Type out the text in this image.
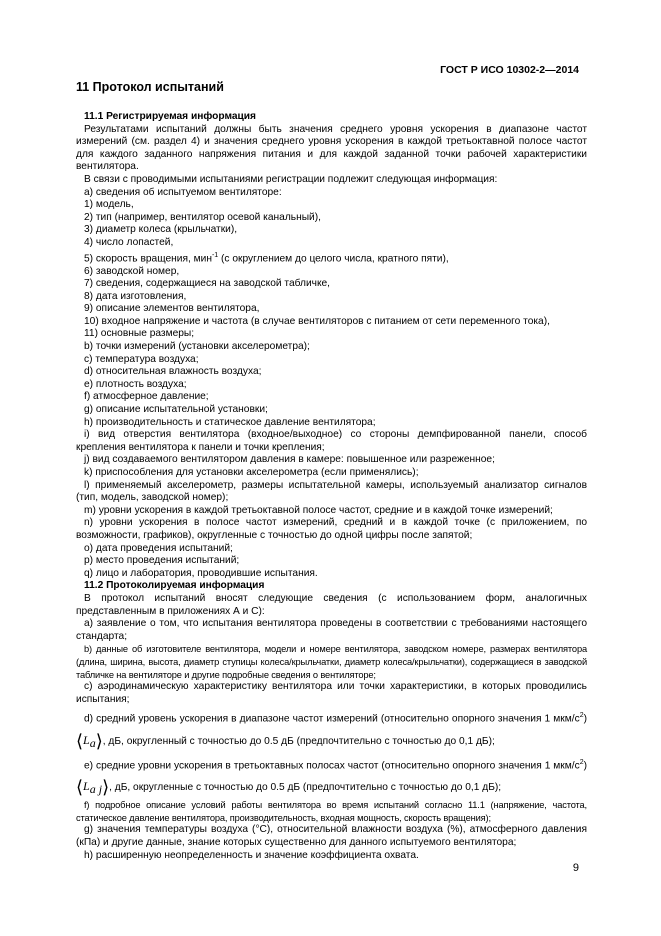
ГОСТ Р ИСО 10302-2—2014
11 Протокол испытаний
11.1 Регистрируемая информация

Результатами испытаний должны быть значения среднего уровня ускорения в диапазоне частот измерений (см. раздел 4) и значения среднего уровня ускорения в каждой третьоктавной полосе частот для каждого заданного напряжения питания и для каждой заданной точки рабочей характеристики вентилятора.

В связи с проводимыми испытаниями регистрации подлежит следующая информация:

а) сведения об испытуемом вентиляторе:

1) модель,

2) тип (например, вентилятор осевой канальный),

3) диаметр колеса (крыльчатки),

4) число лопастей,

5) скорость вращения, мин$^{-1}$ (с округлением до целого числа, кратного пяти),

6) заводской номер,

7) сведения, содержащиеся на заводской табличке,

8) дата изготовления,

9) описание элементов вентилятора,

10) входное напряжение и частота (в случае вентиляторов с питанием от сети переменного тока),

11) основные размеры;

b) точки измерений (установки акселерометра);

c) температура воздуха;

d) относительная влажность воздуха;

e) плотность воздуха;

f) атмосферное давление;

g) описание испытательной установки;

h) производительность и статическое давление вентилятора;

i) вид отверстия вентилятора (входное/выходное) со стороны демпфированной панели, способ крепления вентилятора к панели и точки крепления;

j) вид создаваемого вентилятором давления в камере: повышенное или разреженное;

k) приспособления для установки акселерометра (если применялись);

l) применяемый акселерометр, размеры испытательной камеры, используемый анализатор сигналов (тип, модель, заводской номер);

m) уровни ускорения в каждой третьоктавной полосе частот, средние и в каждой точке измерений;

n) уровни ускорения в полосе частот измерений, средний и в каждой точке (с приложением, по возможности, графиков), округленные с точностью до одной цифры после запятой;

o) дата проведения испытаний;

p) место проведения испытаний;

q) лицо и лаборатория, проводившие испытания.

11.2 Протоколируемая информация

В протокол испытаний вносят следующие сведения (с использованием форм, аналогичных представленным в приложениях А и С):

а) заявление о том, что испытания вентилятора проведены в соответствии с требованиями настоящего стандарта;

b) данные об изготовителе вентилятора, модели и номере вентилятора, заводском номере, размерах вентилятора (длина, ширина, высота, диаметр ступицы колеса/крыльчатки, диаметр колеса/крыльчатки), содержащиеся в заводской табличке на вентиляторе и другие подробные сведения о вентиляторе;

c) аэродинамическую характеристику вентилятора или точки характеристики, в которых проводились испытания;

d) средний уровень ускорения в диапазоне частот измерений (относительно опорного значения 1 мкм/$с^2$) $⟨L_a⟩$, дБ, округленный с точностью до 0.5 дБ (предпочтительно с точностью до 0,1 дБ);

e) средние уровни ускорения в третьоктавных полосах частот (относительно опорного значения 1 мкм/$с^2$) $⟨L_{a j}⟩$, дБ, округленные с точностью до 0.5 дБ (предпочтительно с точностью до 0,1 дБ);

f) подробное описание условий работы вентилятора во время испытаний согласно 11.1 (напряжение, частота, статическое давление вентилятора, производительность, входная мощность, скорость вращения);

g) значения температуры воздуха (°С), относительной влажности воздуха (%), атмосферного давления (кПа) и другие данные, знание которых существенно для данного испытуемого вентилятора;

h) расширенную неопределенность и значение коэффициента охвата.

9
